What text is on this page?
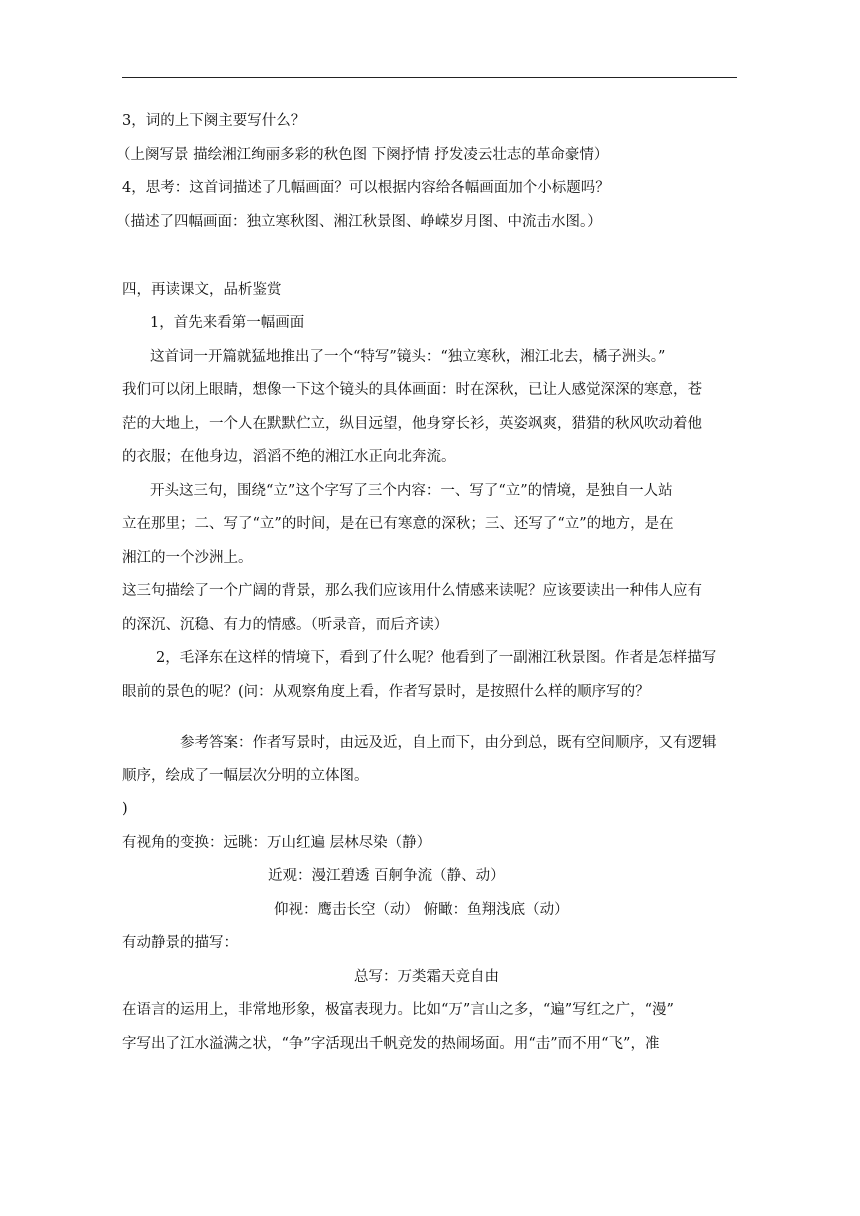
3，词的上下阕主要写什么？
（上阕写景 描绘湘江绚丽多彩的秋色图 下阕抒情 抒发凌云壮志的革命豪情）
4，思考：这首词描述了几幅画面？可以根据内容给各幅画面加个小标题吗？
（描述了四幅画面：独立寒秋图、湘江秋景图、峥嵘岁月图、中流击水图。）
四，再读课文，品析鉴赏
1，首先来看第一幅画面
这首词一开篇就猛地推出了一个“特写”镜头：“独立寒秋，湘江北去，橘子洲头。”
我们可以闭上眼睛，想像一下这个镜头的具体画面：时在深秋，已让人感觉深深的寒意，苍
茫的大地上，一个人在默默伫立，纵目远望，他身穿长衫，英姿飒爽，猎猎的秋风吹动着他
的衣服；在他身边，滔滔不绝的湘江水正向北奔流。
开头这三句，围绕“立”这个字写了三个内容：一、写了“立”的情境，是独自一人站
立在那里；二、写了“立”的时间，是在已有寒意的深秋；三、还写了“立”的地方，是在
湘江的一个沙洲上。
这三句描绘了一个广阔的背景，那么我们应该用什么情感来读呢？应该要读出一种伟人应有
的深沉、沉稳、有力的情感。（听录音，而后齐读）
2，毛泽东在这样的情境下，看到了什么呢？他看到了一副湘江秋景图。作者是怎样描写
眼前的景色的呢？(问：从观察角度上看，作者写景时，是按照什么样的顺序写的？
参考答案：作者写景时，由远及近，自上而下，由分到总，既有空间顺序，又有逻辑
顺序，绘成了一幅层次分明的立体图。
)
有视角的变换：远眺：万山红遍 层林尽染（静）
近观：漫江碧透 百舸争流（静、动）
仰视：鹰击长空（动） 俯瞰：鱼翔浅底（动）
有动静景的描写：
总写：万类霜天竞自由
在语言的运用上，非常地形象，极富表现力。比如“万”言山之多，“遍”写红之广，“漫”
字写出了江水溢满之状，“争”字活现出千帆竞发的热闹场面。用“击”而不用“飞”，准
